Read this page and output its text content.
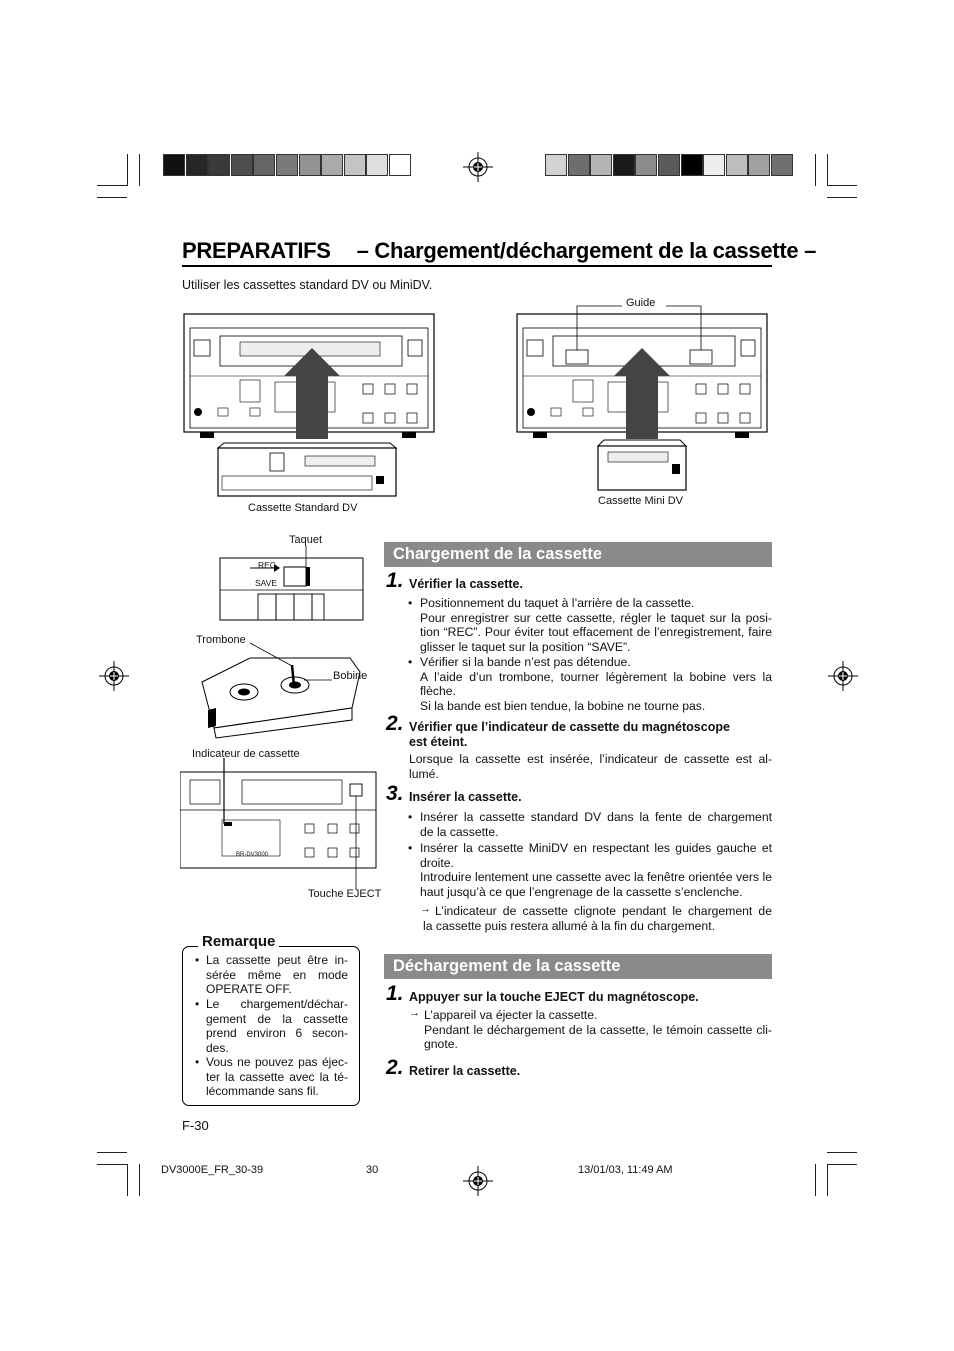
PREPARATIFS – Chargement/déchargement de la cassette –
Utiliser les cassettes standard DV ou MiniDV.
Guide
Cassette Standard DV
Cassette Mini DV
Taquet
REC
SAVE
Trombone
Bobine
Indicateur de cassette
BR-DV3000
Touche EJECT
Chargement de la cassette
1. Vérifier la cassette.
• Positionnement du taquet à l’arrière de la cassette.
Pour enregistrer sur cette cassette, régler le taquet sur la posi-
tion “REC”. Pour éviter tout effacement de l’enregistrement, faire
glisser le taquet sur la position “SAVE”.
• Vérifier si la bande n’est pas détendue.
A l’aide d’un trombone, tourner légèrement la bobine vers la
flèche.
Si la bande est bien tendue, la bobine ne tourne pas.
2. Vérifier que l’indicateur de cassette du magnétoscope
est éteint.
Lorsque la cassette est insérée, l’indicateur de cassette est al-
lumé.
3. Insérer la cassette.
• Insérer la cassette standard DV dans la fente de chargement
de la cassette.
• Insérer la cassette MiniDV en respectant les guides gauche et
droite.
Introduire lentement une cassette avec la fenêtre orientée vers le
haut jusqu’à ce que l’engrenage de la cassette s’enclenche.
→ L’indicateur de cassette clignote pendant le chargement de
la cassette puis restera allumé à la fin du chargement.
Déchargement de la cassette
1. Appuyer sur la touche EJECT du magnétoscope.
→ L’appareil va éjecter la cassette.
Pendant le déchargement de la cassette, le témoin cassette cli-
gnote.
2. Retirer la cassette.
Remarque
• La cassette peut être in-
sérée même en mode
OPERATE OFF.
• Le chargement/déchar-
gement de la cassette
prend environ 6 secon-
des.
• Vous ne pouvez pas éjec-
ter la cassette avec la té-
lécommande sans fil.
F-30
DV3000E_FR_30-39	30	13/01/03, 11:49 AM
